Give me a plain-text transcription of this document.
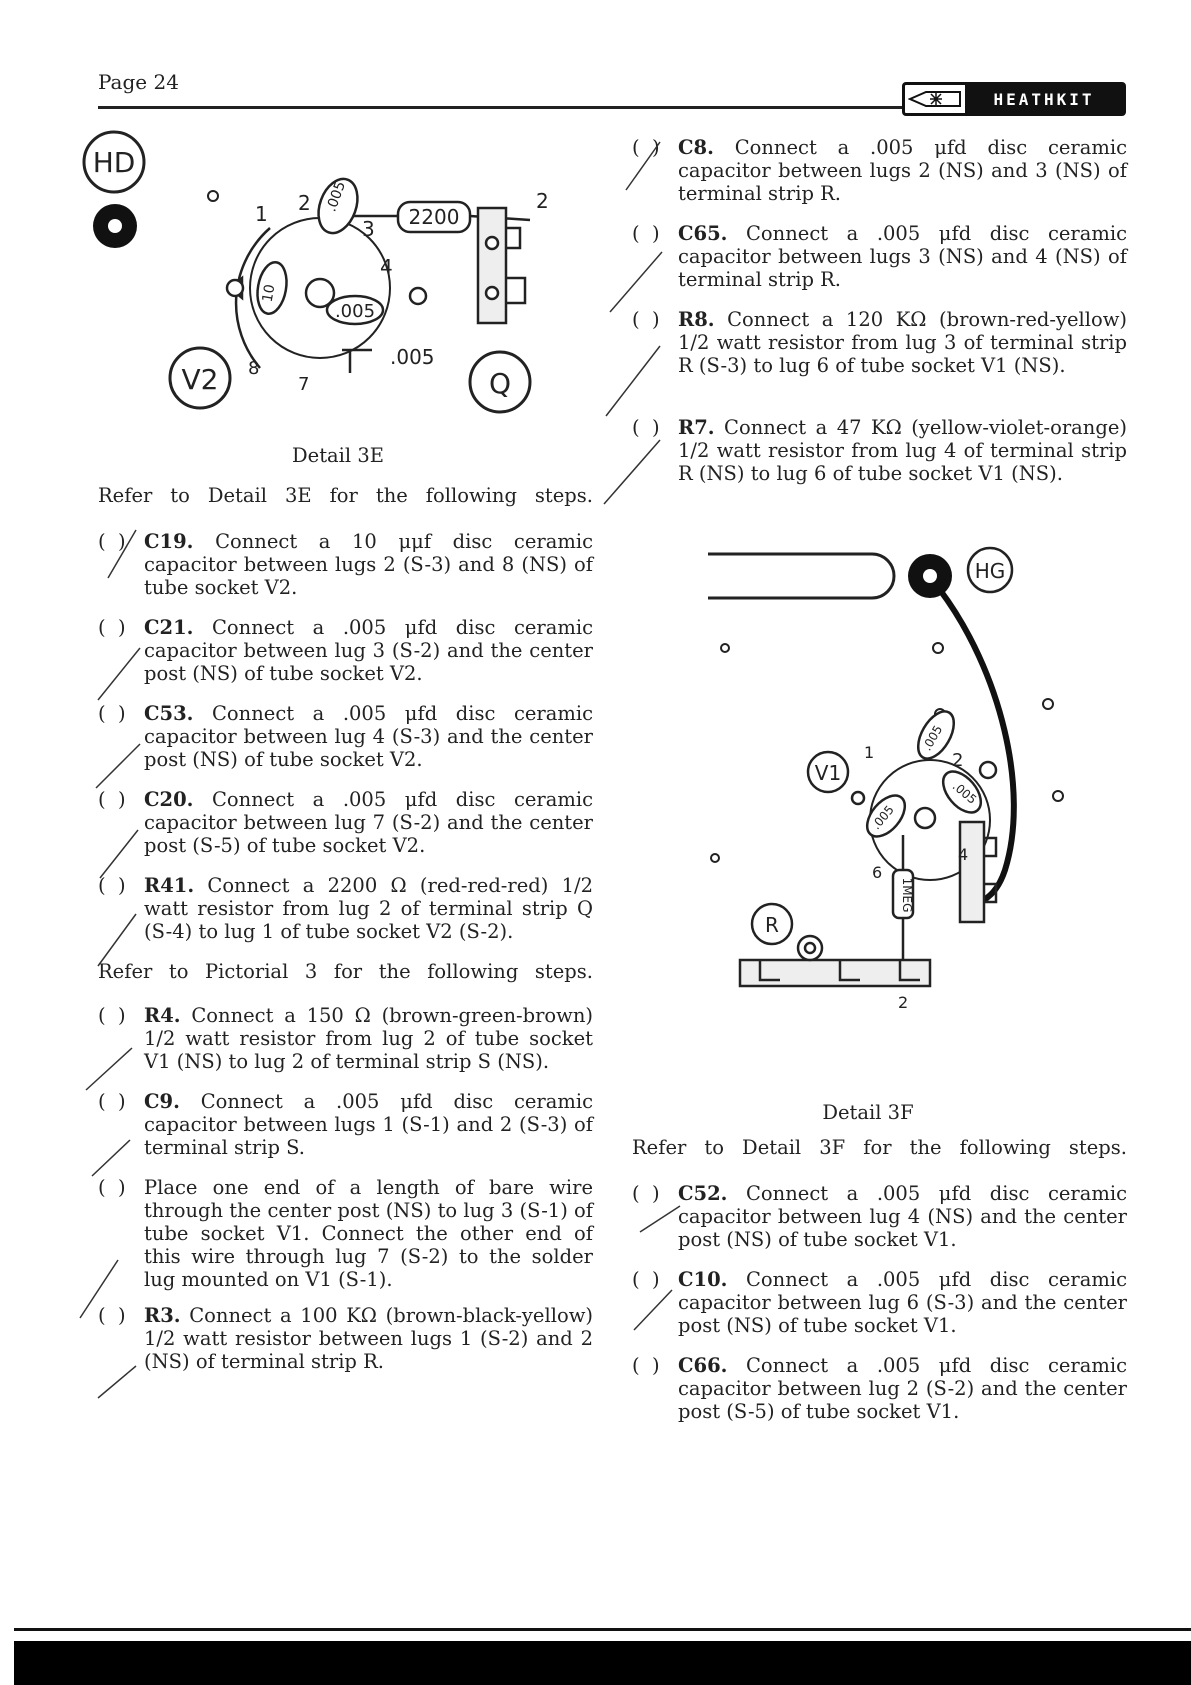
Page 24
HEATHKIT
HD
V2	Q
2200
.005
10
.005
.005
1 2
3
4
7
8
2
Detail 3E
Refer to Detail 3E for the following steps.
(  ) C19. Connect a 10 μμf disc ceramic capacitor between lugs 2 (S-3) and 8 (NS) of tube socket V2.
(  ) C21. Connect a .005 μfd disc ceramic capacitor between lug 3 (S-2) and the center post (NS) of tube socket V2.
(  ) C53. Connect a .005 μfd disc ceramic capacitor between lug 4 (S-3) and the center post (NS) of tube socket V2.
(  ) C20. Connect a .005 μfd disc ceramic capacitor between lug 7 (S-2) and the center post (S-5) of tube socket V2.
(  ) R41. Connect a 2200 Ω (red-red-red) 1/2 watt resistor from lug 2 of terminal strip Q (S-4) to lug 1 of tube socket V2 (S-2).
Refer to Pictorial 3 for the following steps.
(  ) R4. Connect a 150 Ω (brown-green-brown) 1/2 watt resistor from lug 2 of tube socket V1 (NS) to lug 2 of terminal strip S (NS).
(  ) C9. Connect a .005 μfd disc ceramic capacitor between lugs 1 (S-1) and 2 (S-3) of terminal strip S.
(  ) Place one end of a length of bare wire through the center post (NS) to lug 3 (S-1) of tube socket V1. Connect the other end of this wire through lug 7 (S-2) to the solder lug mounted on V1 (S-1).
(  ) R3. Connect a 100 KΩ (brown-black-yellow) 1/2 watt resistor between lugs 1 (S-2) and 2 (NS) of terminal strip R.
(  ) C8. Connect a .005 μfd disc ceramic capacitor between lugs 2 (NS) and 3 (NS) of terminal strip R.
(  ) C65. Connect a .005 μfd disc ceramic capacitor between lugs 3 (NS) and 4 (NS) of terminal strip R.
(  ) R8. Connect a 120 KΩ (brown-red-yellow) 1/2 watt resistor from lug 3 of terminal strip R (S-3) to lug 6 of tube socket V1 (NS).
(  ) R7. Connect a 47 KΩ (yellow-violet-orange) 1/2 watt resistor from lug 4 of terminal strip R (NS) to lug 6 of tube socket V1 (NS).
HG
V1
R
1MEG
.005
.005
.005
1	2
4
6
2
Detail 3F
Refer to Detail 3F for the following steps.
(  ) C52. Connect a .005 μfd disc ceramic capacitor between lug 4 (NS) and the center post (NS) of tube socket V1.
(  ) C10. Connect a .005 μfd disc ceramic capacitor between lug 6 (S-3) and the center post (NS) of tube socket V1.
(  ) C66. Connect a .005 μfd disc ceramic capacitor between lug 2 (S-2) and the center post (S-5) of tube socket V1.
